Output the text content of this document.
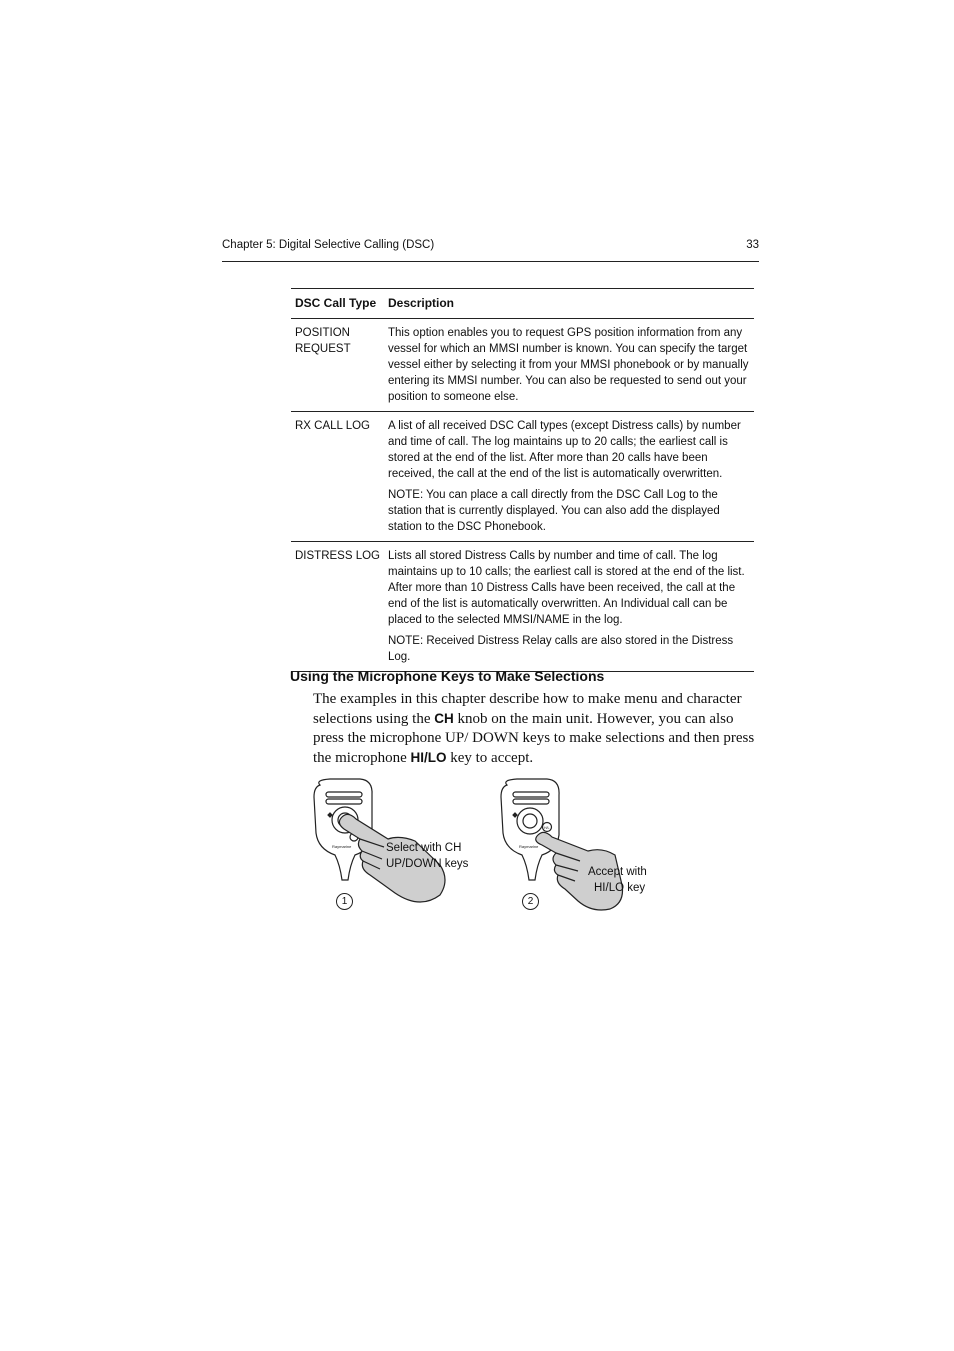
Chapter 5: Digital Selective Calling (DSC)	33
DSC Call Type	Description
POSITION REQUEST	This option enables you to request GPS position information from any vessel for which an MMSI number is known. You can specify the target vessel either by selecting it from your MMSI phonebook or by manually entering its MMSI number. You can also be requested to send out your position to someone else.

RX CALL LOG	A list of all received DSC Call types (except Distress calls) by number and time of call. The log maintains up to 20 calls; the earliest call is stored at the end of the list. After more than 20 calls have been received, the call at the end of the list is automatically overwritten.

NOTE: You can place a call directly from the DSC Call Log to the station that is currently displayed. You can also add the displayed station to the DSC Phonebook.

DISTRESS LOG	Lists all stored Distress Calls by number and time of call. The log maintains up to 10 calls; the earliest call is stored at the end of the list. After more than 10 Distress Calls have been received, the call at the end of the list is automatically overwritten. An Individual call can be placed to the selected MMSI/NAME in the log.

NOTE: Received Distress Relay calls are also stored in the Distress Log.

Using the Microphone Keys to Make Selections

The examples in this chapter describe how to make menu and character selections using the CH knob on the main unit. However, you can also press the microphone UP/ DOWN keys to make selections and then press the microphone HI/LO key to accept.

Raymarine
H/L
Raymarine
Select with CH
UP/DOWN keys
Accept with
HI/LO key
1	2
